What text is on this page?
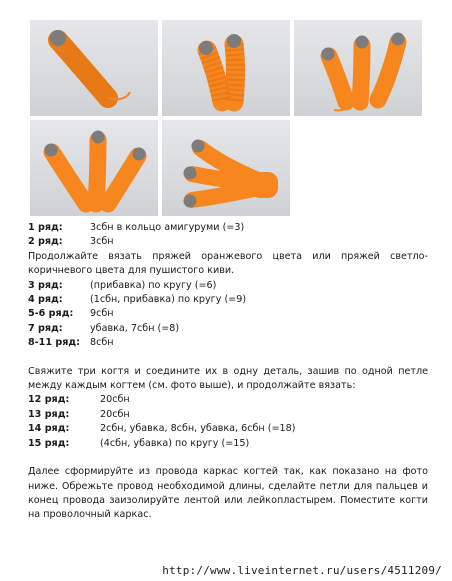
1 ряд:	3сбн в кольцо амигуруми (=3)
2 ряд:	3сбн
Продолжайте вязать пряжей оранжевого цвета или пряжей светло-коричневого цвета для пушистого киви.
3 ряд:	(прибавка) по кругу (=6)
4 ряд:	(1сбн, прибавка) по кругу (=9)
5-6 ряд:	9сбн
7 ряд:	убавка, 7сбн (=8)
8-11 ряд:	8сбн
Свяжите три когтя и соедините их в одну деталь, зашив по одной петле между каждым когтем (см. фото выше), и продолжайте вязать:
12 ряд:	20сбн
13 ряд:	20сбн
14 ряд:	2сбн, убавка, 8сбн, убавка, 6сбн (=18)
15 ряд:	(4сбн, убавка) по кругу (=15)
Далее сформируйте из провода каркас когтей так, как показано на фото ниже. Обрежьте провод необходимой длины, сделайте петли для пальцев и конец провода заизолируйте лентой или лейкопластырем. Поместите когти на проволочный каркас.
http://www.liveinternet.ru/users/4511209/
